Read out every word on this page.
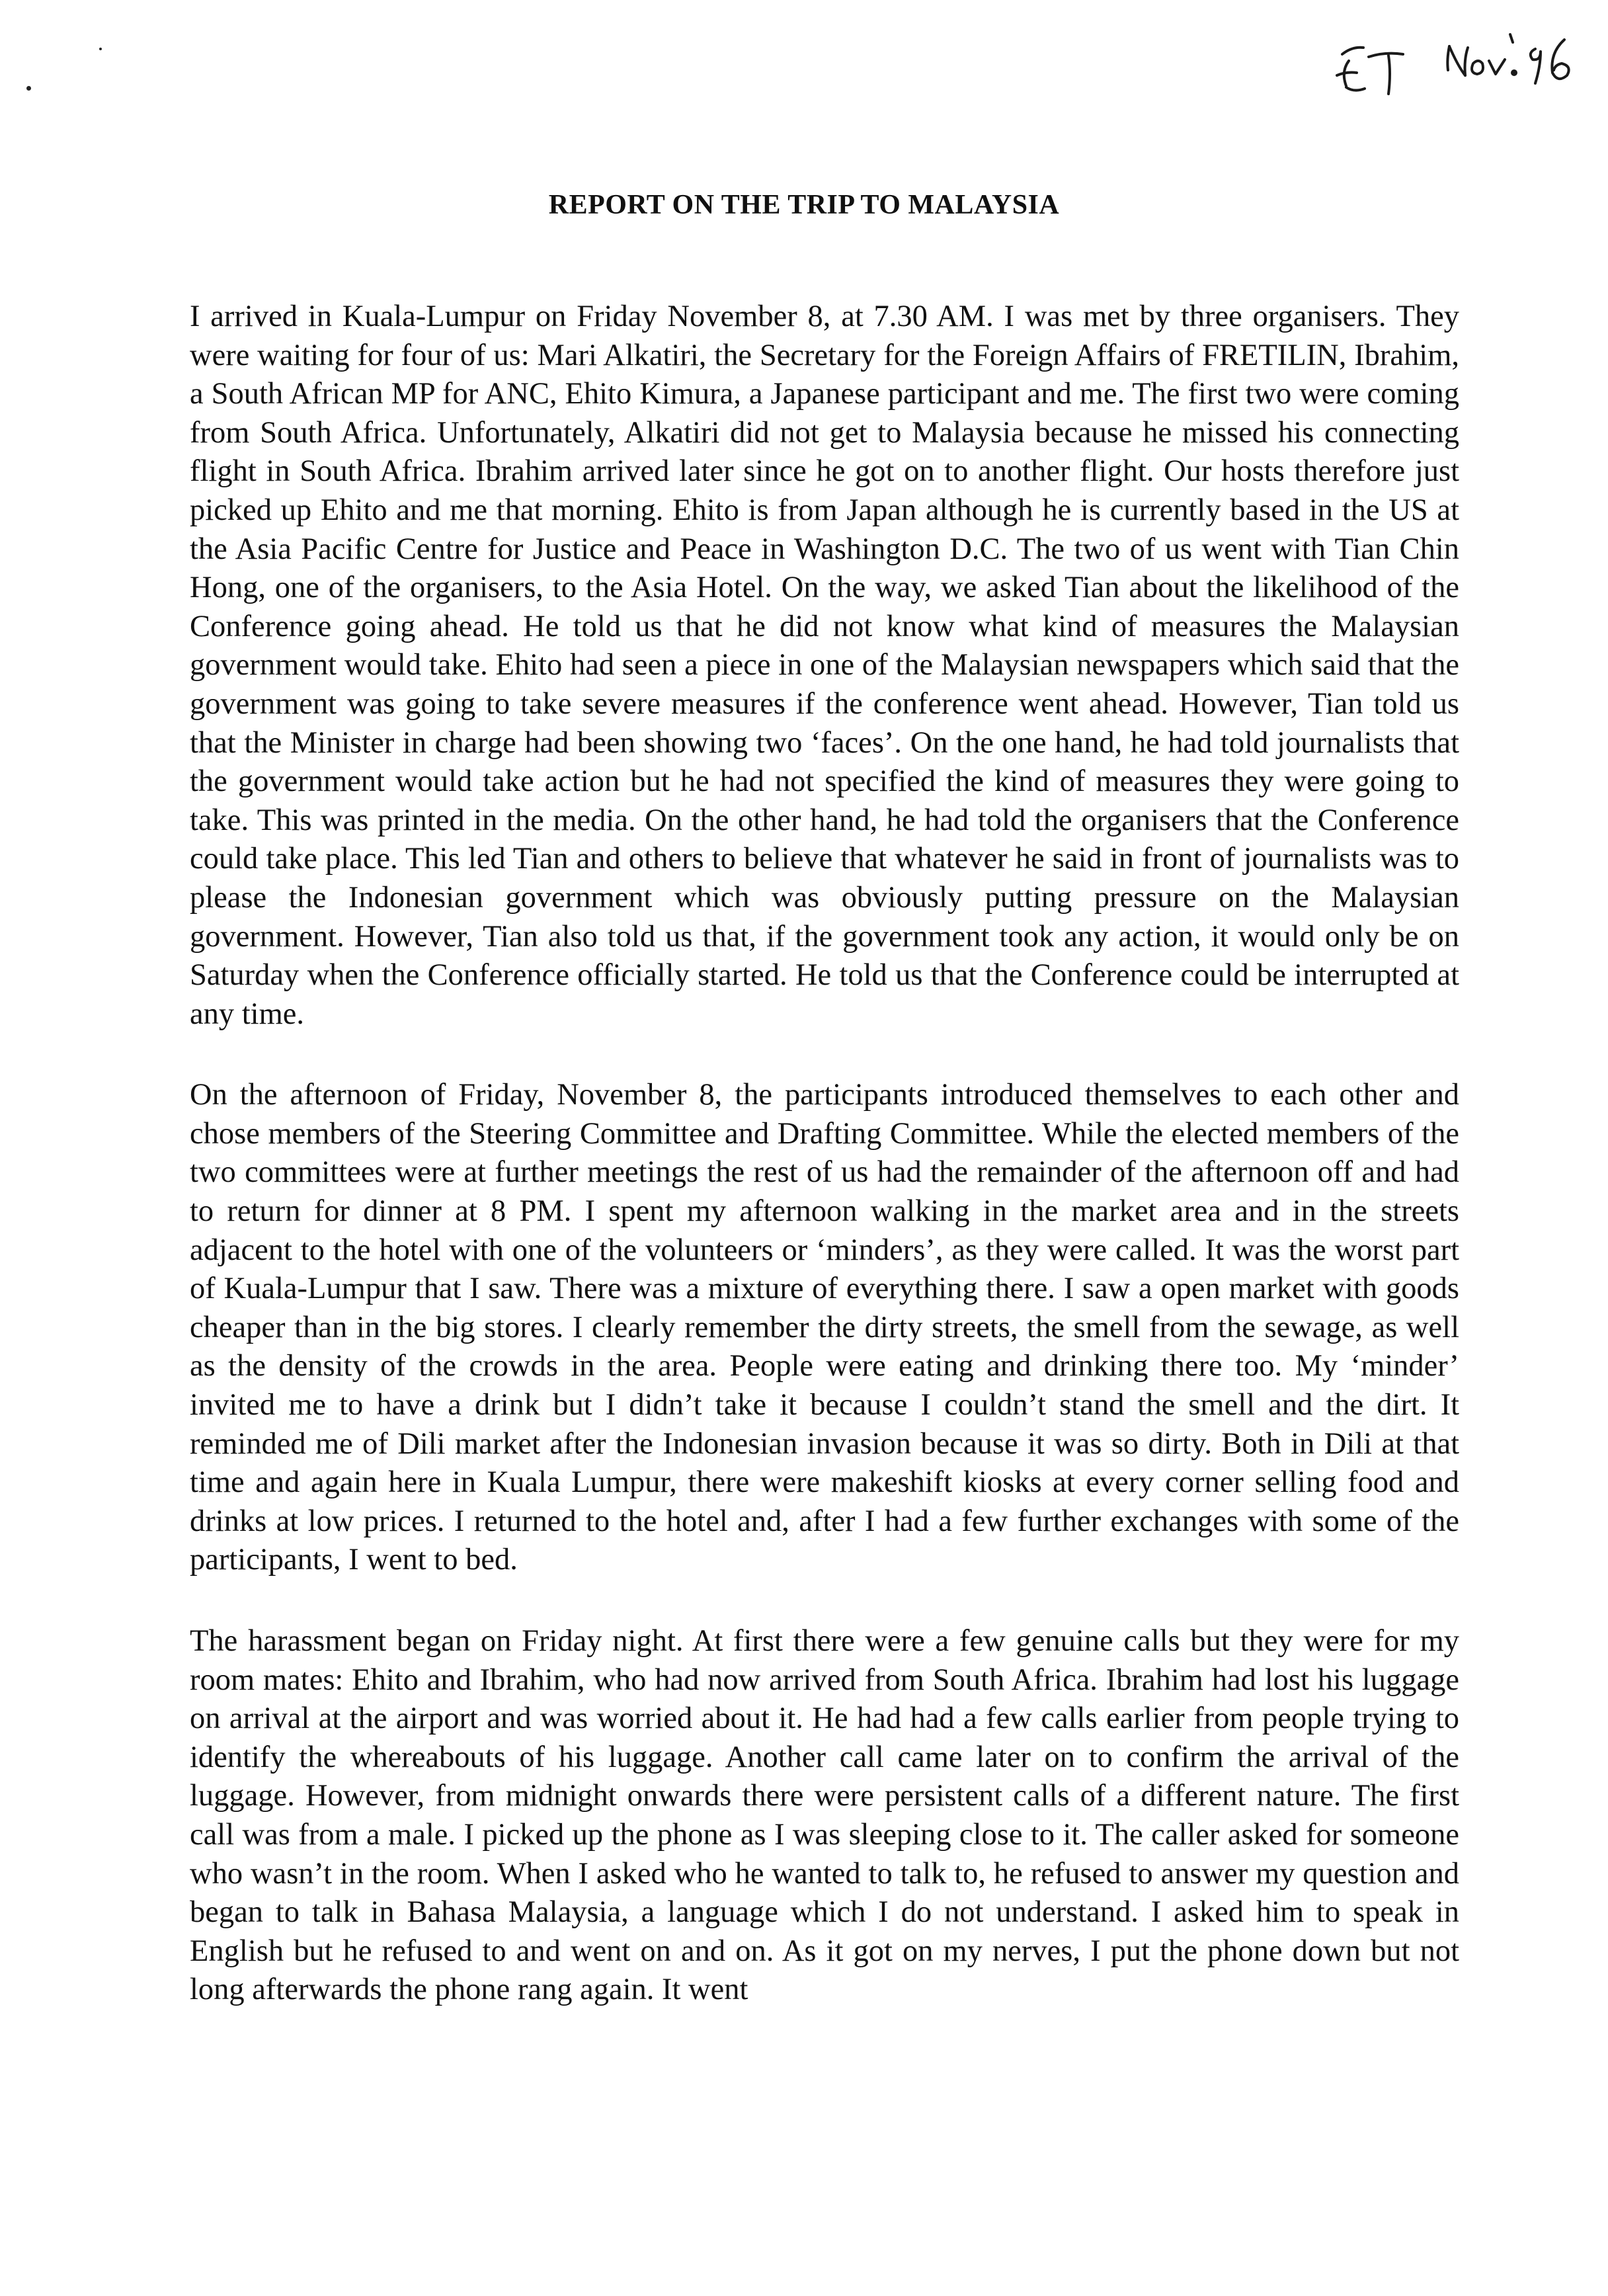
REPORT ON THE TRIP TO MALAYSIA

I arrived in Kuala-Lumpur on Friday November 8, at 7.30 AM. I was met by three organisers. They were waiting for four of us: Mari Alkatiri, the Secretary for the Foreign Affairs of FRETILIN, Ibrahim, a South African MP for ANC, Ehito Kimura, a Japanese participant and me. The first two were coming from South Africa. Unfortunately, Alkatiri did not get to Malaysia because he missed his connecting flight in South Africa. Ibrahim arrived later since he got on to another flight. Our hosts therefore just picked up Ehito and me that morning. Ehito is from Japan although he is currently based in the US at the Asia Pacific Centre for Justice and Peace in Washington D.C. The two of us went with Tian Chin Hong, one of the organisers, to the Asia Hotel. On the way, we asked Tian about the likelihood of the Conference going ahead. He told us that he did not know what kind of measures the Malaysian government would take. Ehito had seen a piece in one of the Malaysian newspapers which said that the government was going to take severe measures if the conference went ahead. However, Tian told us that the Minister in charge had been showing two ‘faces’. On the one hand, he had told journalists that the government would take action but he had not specified the kind of measures they were going to take. This was printed in the media. On the other hand, he had told the organisers that the Conference could take place. This led Tian and others to believe that whatever he said in front of journalists was to please the Indonesian government which was obviously putting pressure on the Malaysian government. However, Tian also told us that, if the government took any action, it would only be on Saturday when the Conference officially started. He told us that the Conference could be interrupted at any time.

On the afternoon of Friday, November 8, the participants introduced themselves to each other and chose members of the Steering Committee and Drafting Committee. While the elected members of the two committees were at further meetings the rest of us had the remainder of the afternoon off and had to return for dinner at 8 PM. I spent my afternoon walking in the market area and in the streets adjacent to the hotel with one of the volunteers or ‘minders’, as they were called. It was the worst part of Kuala-Lumpur that I saw. There was a mixture of everything there. I saw a open market with goods cheaper than in the big stores. I clearly remember the dirty streets, the smell from the sewage, as well as the density of the crowds in the area. People were eating and drinking there too. My ‘minder’ invited me to have a drink but I didn’t take it because I couldn’t stand the smell and the dirt. It reminded me of Dili market after the Indonesian invasion because it was so dirty. Both in Dili at that time and again here in Kuala Lumpur, there were makeshift kiosks at every corner selling food and drinks at low prices. I returned to the hotel and, after I had a few further exchanges with some of the participants, I went to bed.

The harassment began on Friday night. At first there were a few genuine calls but they were for my room mates: Ehito and Ibrahim, who had now arrived from South Africa. Ibrahim had lost his luggage on arrival at the airport and was worried about it. He had had a few calls earlier from people trying to identify the whereabouts of his luggage. Another call came later on to confirm the arrival of the luggage. However, from midnight onwards there were persistent calls of a different nature. The first call was from a male. I picked up the phone as I was sleeping close to it. The caller asked for someone who wasn’t in the room. When I asked who he wanted to talk to, he refused to answer my question and began to talk in Bahasa Malaysia, a language which I do not understand. I asked him to speak in English but he refused to and went on and on. As it got on my nerves, I put the phone down but not long afterwards the phone rang again. It went
